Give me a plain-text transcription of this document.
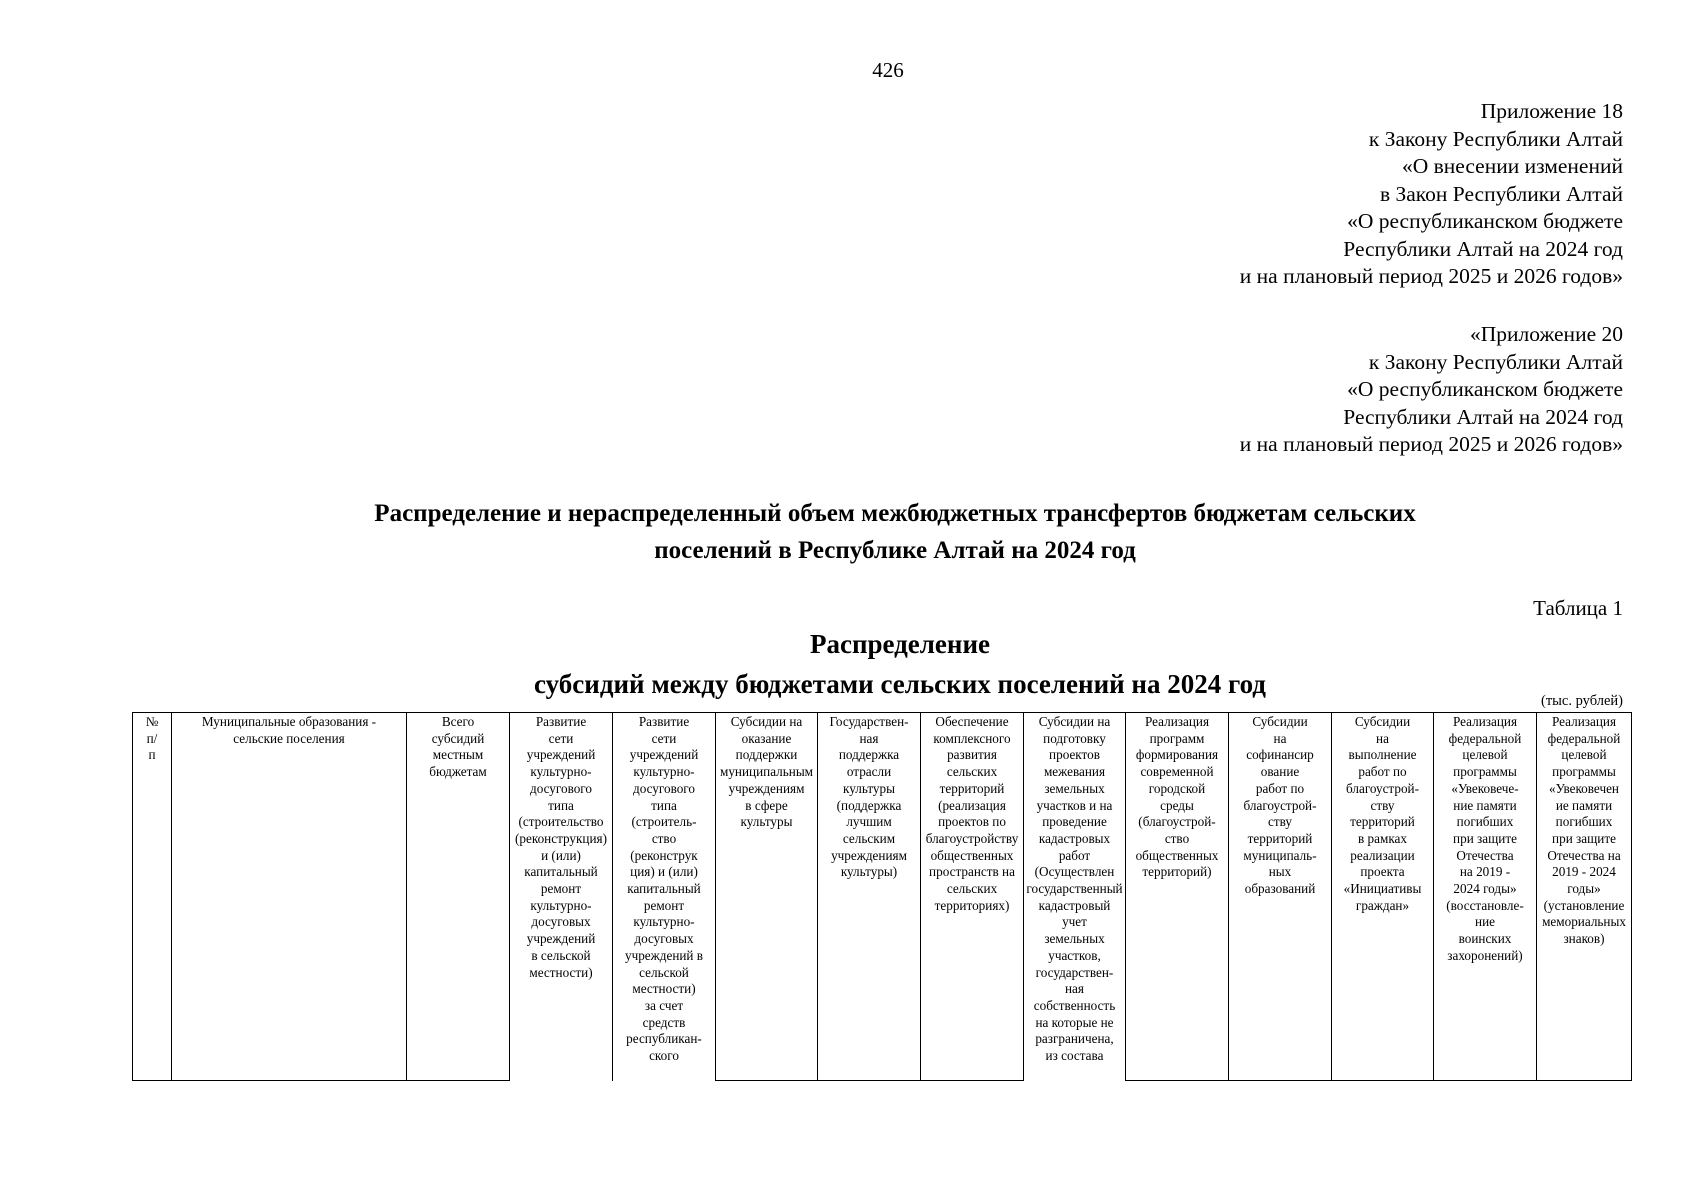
426
Приложение 18
к Закону Республики Алтай
«О внесении изменений
в Закон Республики Алтай
«О республиканском бюджете
Республики Алтай на 2024 год
и на плановый период 2025 и 2026 годов»
«Приложение 20
к Закону Республики Алтай
«О республиканском бюджете
Республики Алтай на 2024 год
и на плановый период 2025 и 2026 годов»
Распределение и нераспределенный объем межбюджетных трансфертов бюджетам сельских
поселений в Республике Алтай на 2024 год
Таблица 1
Распределение
субсидий между бюджетами сельских поселений на 2024 год
(тыс. рублей)
№
п/
п

Муниципальные образования -
сельские поселения

Всего
субсидий
местным
бюджетам

Развитие
сети
учреждений
культурно-
досугового
типа
(строительство
(реконструкция)
и (или)
капитальный
ремонт
культурно-
досуговых
учреждений
в сельской
местности)

Развитие
сети
учреждений
культурно-
досугового
типа
(строитель-
ство
(реконструк
ция) и (или)
капитальный
ремонт
культурно-
досуговых
учреждений в
сельской
местности)
за счет
средств
республикан-
ского

Субсидии на
оказание
поддержки
муниципальным
учреждениям
в сфере
культуры

Государствен-
ная
поддержка
отрасли
культуры
(поддержка
лучшим
сельским
учреждениям
культуры)

Обеспечение
комплексного
развития
сельских
территорий
(реализация
проектов по
благоустройству
общественных
пространств на
сельских
территориях)

Субсидии на
подготовку
проектов
межевания
земельных
участков и на
проведение
кадастровых
работ
(Осуществлен
государственный
кадастровый
учет
земельных
участков,
государствен-
ная
собственность
на которые не
разграничена,
из состава

Реализация
программ
формирования
современной
городской
среды
(благоустрой-
ство
общественных
территорий)

Субсидии
на
софинансир
ование
работ по
благоустрой-
ству
территорий
муниципаль-
ных
образований

Субсидии
на
выполнение
работ по
благоустрой-
ству
территорий
в рамках
реализации
проекта
«Инициативы
граждан»

Реализация
федеральной
целевой
программы
«Увековече-
ние памяти
погибших
при защите
Отечества
на 2019 -
2024 годы»
(восстановле-
ние
воинских
захоронений)

Реализация
федеральной
целевой
программы
«Увековечен
ие памяти
погибших
при защите
Отечества на
2019 - 2024
годы»
(установление
мемориальных
знаков)
